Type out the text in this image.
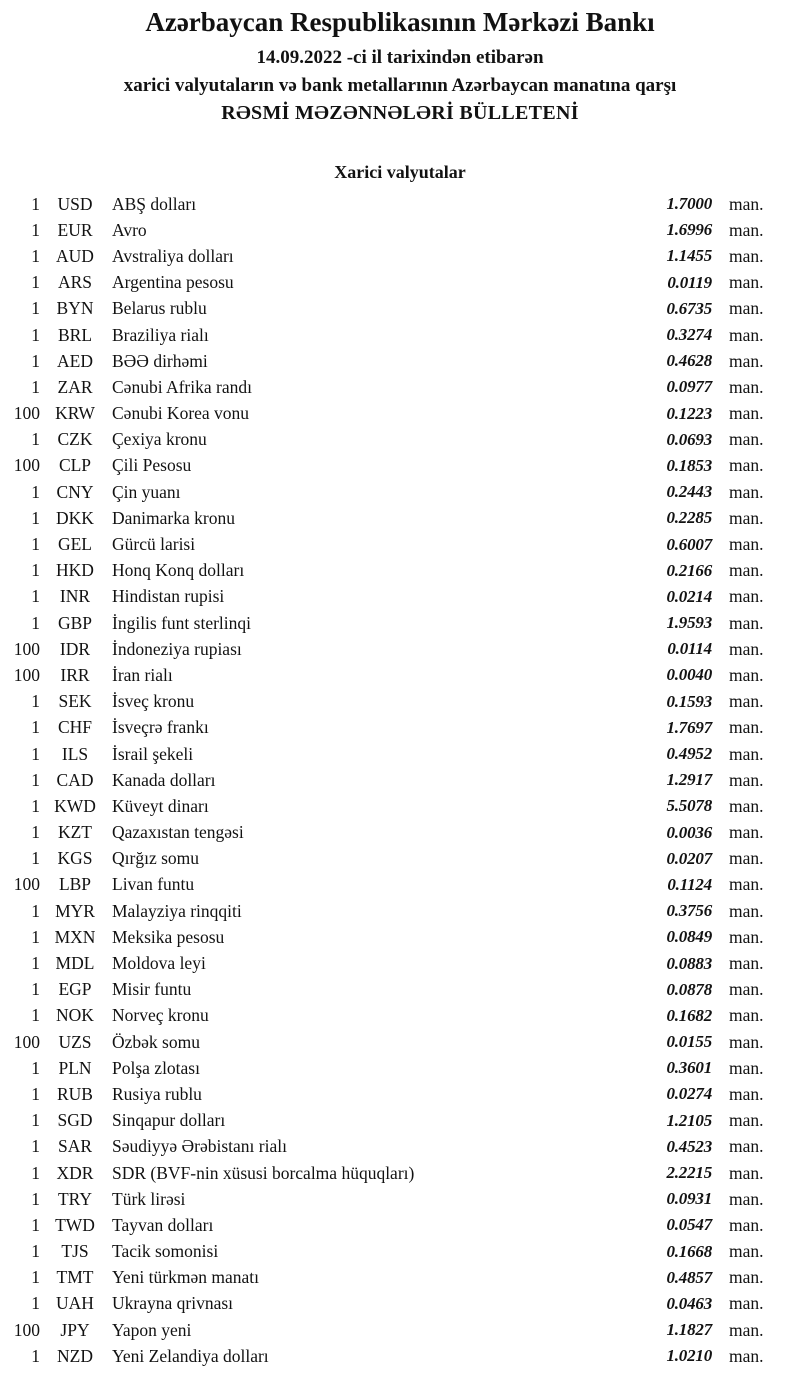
Azərbaycan Respublikasının Mərkəzi Bankı
14.09.2022 -ci il tarixindən etibarən
xarici valyutaların və bank metallarının Azərbaycan manatına qarşı
RƏSMİ MƏZƏNNƏLƏRİ BÜLLETENİ
Xarici valyutalar
1 USD	ABŞ dolları	1.7000 man.
1	EUR	Avro	1.6996 man.
1 AUD	Avstraliya dolları	1.1455 man.
1	ARS	Argentina pesosu	0.0119 man.
1 BYN	Belarus rublu	0.6735 man.
1	BRL	Braziliya rialı	0.3274 man.
1 AED	BƏƏ dirhəmi	0.4628 man.
1	ZAR	Cənubi Afrika randı	0.0977 man.
100 KRW Cənubi Korea vonu	0.1223 man.
1	CZK	Çexiya kronu	0.0693 man.
100	CLP	Çili Pesosu	0.1853 man.
1 CNY	Çin yuanı	0.2443 man.
1 DKK	Danimarka kronu	0.2285 man.
1	GEL	Gürcü larisi	0.6007 man.
1 HKD	Honq Konq dolları	0.2166 man.
1	INR	Hindistan rupisi	0.0214 man.
1	GBP	İngilis funt sterlinqi	1.9593 man.
100	IDR	İndoneziya rupiası	0.0114 man.
100	IRR	İran rialı	0.0040 man.
1	SEK	İsveç kronu	0.1593 man.
1	CHF	İsveçrə frankı	1.7697 man.
1	ILS	İsrail şekeli	0.4952 man.
1 CAD	Kanada dolları	1.2917 man.
1 KWD Küveyt dinarı	5.5078 man.
1	KZT	Qazaxıstan tengəsi	0.0036 man.
1 KGS	Qırğız somu	0.0207 man.
100	LBP	Livan funtu	0.1124 man.
1 MYR Malayziya rinqqiti	0.3756 man.
1 MXN Meksika pesosu	0.0849 man.
1 MDL	Moldova leyi	0.0883 man.
1	EGP	Misir funtu	0.0878 man.
1 NOK	Norveç kronu	0.1682 man.
100	UZS	Özbək somu	0.0155 man.
1	PLN	Polşa zlotası	0.3601 man.
1 RUB	Rusiya rublu	0.0274 man.
1 SGD	Sinqapur dolları	1.2105 man.
1	SAR	Səudiyyə Ərəbistanı rialı	0.4523 man.
1 XDR	SDR (BVF-nin xüsusi borcalma hüquqları)	2.2215 man.
1	TRY	Türk lirəsi	0.0931 man.
1 TWD Tayvan dolları	0.0547 man.
1	TJS	Tacik somonisi	0.1668 man.
1 TMT	Yeni türkmən manatı	0.4857 man.
1 UAH	Ukrayna qrivnası	0.0463 man.
100	JPY	Yapon yeni	1.1827 man.
1 NZD	Yeni Zelandiya dolları	1.0210 man.
